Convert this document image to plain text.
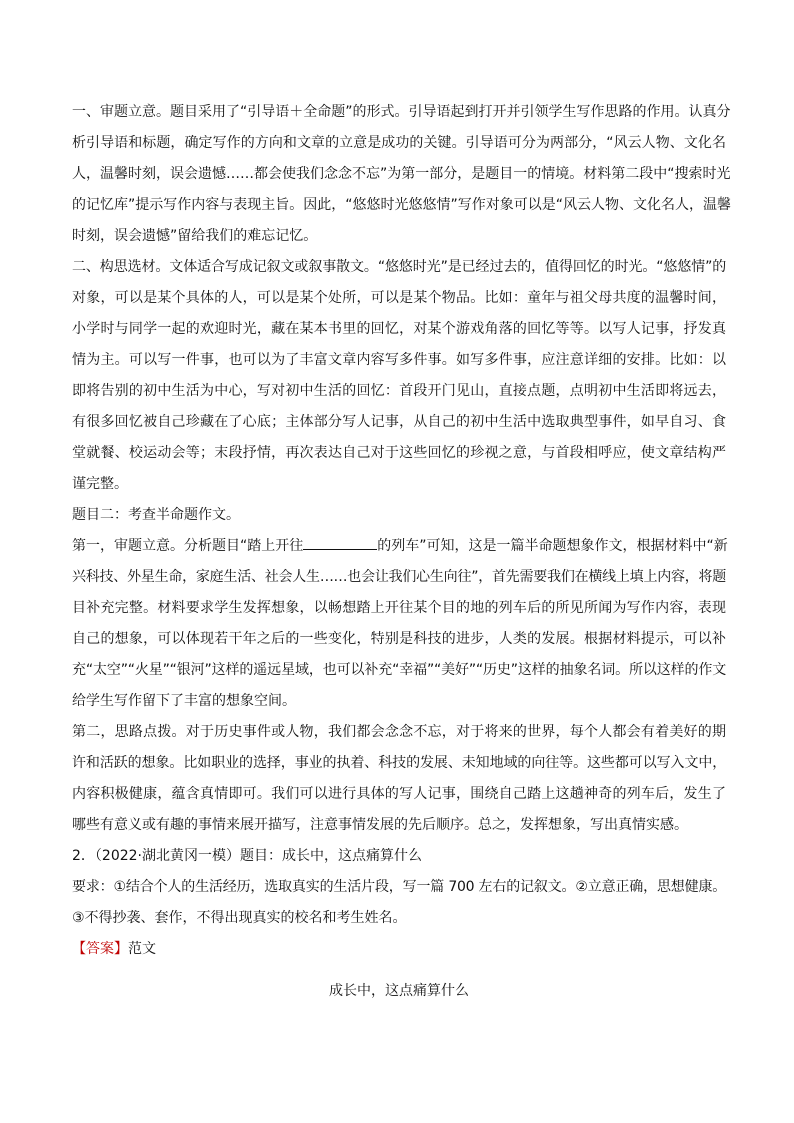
一、审题立意。题目采用了“引导语＋全命题”的形式。引导语起到打开并引领学生写作思路的作用。认真分
析引导语和标题，确定写作的方向和文章的立意是成功的关键。引导语可分为两部分，“风云人物、文化名
人，温馨时刻，误会遗憾……都会使我们念念不忘”为第一部分，是题目一的情境。材料第二段中“搜索时光
的记忆库”提示写作内容与表现主旨。因此，“悠悠时光悠悠情”写作对象可以是“风云人物、文化名人，温馨
时刻，误会遗憾”留给我们的难忘记忆。
二、构思选材。文体适合写成记叙文或叙事散文。“悠悠时光”是已经过去的，值得回忆的时光。“悠悠情”的
对象，可以是某个具体的人，可以是某个处所，可以是某个物品。比如：童年与祖父母共度的温馨时间，
小学时与同学一起的欢迎时光，藏在某本书里的回忆，对某个游戏角落的回忆等等。以写人记事，抒发真
情为主。可以写一件事，也可以为了丰富文章内容写多件事。如写多件事，应注意详细的安排。比如：以
即将告别的初中生活为中心，写对初中生活的回忆：首段开门见山，直接点题，点明初中生活即将远去，
有很多回忆被自己珍藏在了心底；主体部分写人记事，从自己的初中生活中选取典型事件，如早自习、食
堂就餐、校运动会等；末段抒情，再次表达自己对于这些回忆的珍视之意，与首段相呼应，使文章结构严
谨完整。
题目二：考查半命题作文。
第一，审题立意。分析题目“踏上开往	的列车”可知，这是一篇半命题想象作文，根据材料中“新
兴科技、外星生命，家庭生活、社会人生……也会让我们心生向往”，首先需要我们在横线上填上内容，将题
目补充完整。材料要求学生发挥想象，以畅想踏上开往某个目的地的列车后的所见所闻为写作内容，表现
自己的想象，可以体现若干年之后的一些变化，特别是科技的进步，人类的发展。根据材料提示，可以补
充“太空”“火星”“银河”这样的遥远星域，也可以补充“幸福”“美好”“历史”这样的抽象名词。所以这样的作文
给学生写作留下了丰富的想象空间。
第二，思路点拨。对于历史事件或人物，我们都会念念不忘，对于将来的世界，每个人都会有着美好的期
许和活跃的想象。比如职业的选择，事业的执着、科技的发展、未知地域的向往等。这些都可以写入文中，
内容积极健康，蕴含真情即可。我们可以进行具体的写人记事，围绕自己踏上这趟神奇的列车后，发生了
哪些有意义或有趣的事情来展开描写，注意事情发展的先后顺序。总之，发挥想象，写出真情实感。
2．（2022·湖北黄冈一模）题目：成长中，这点痛算什么
要求：①结合个人的生活经历，选取真实的生活片段，写一篇 700 左右的记叙文。②立意正确，思想健康。
③不得抄袭、套作，不得出现真实的校名和考生姓名。
【答案】范文
成长中，这点痛算什么
